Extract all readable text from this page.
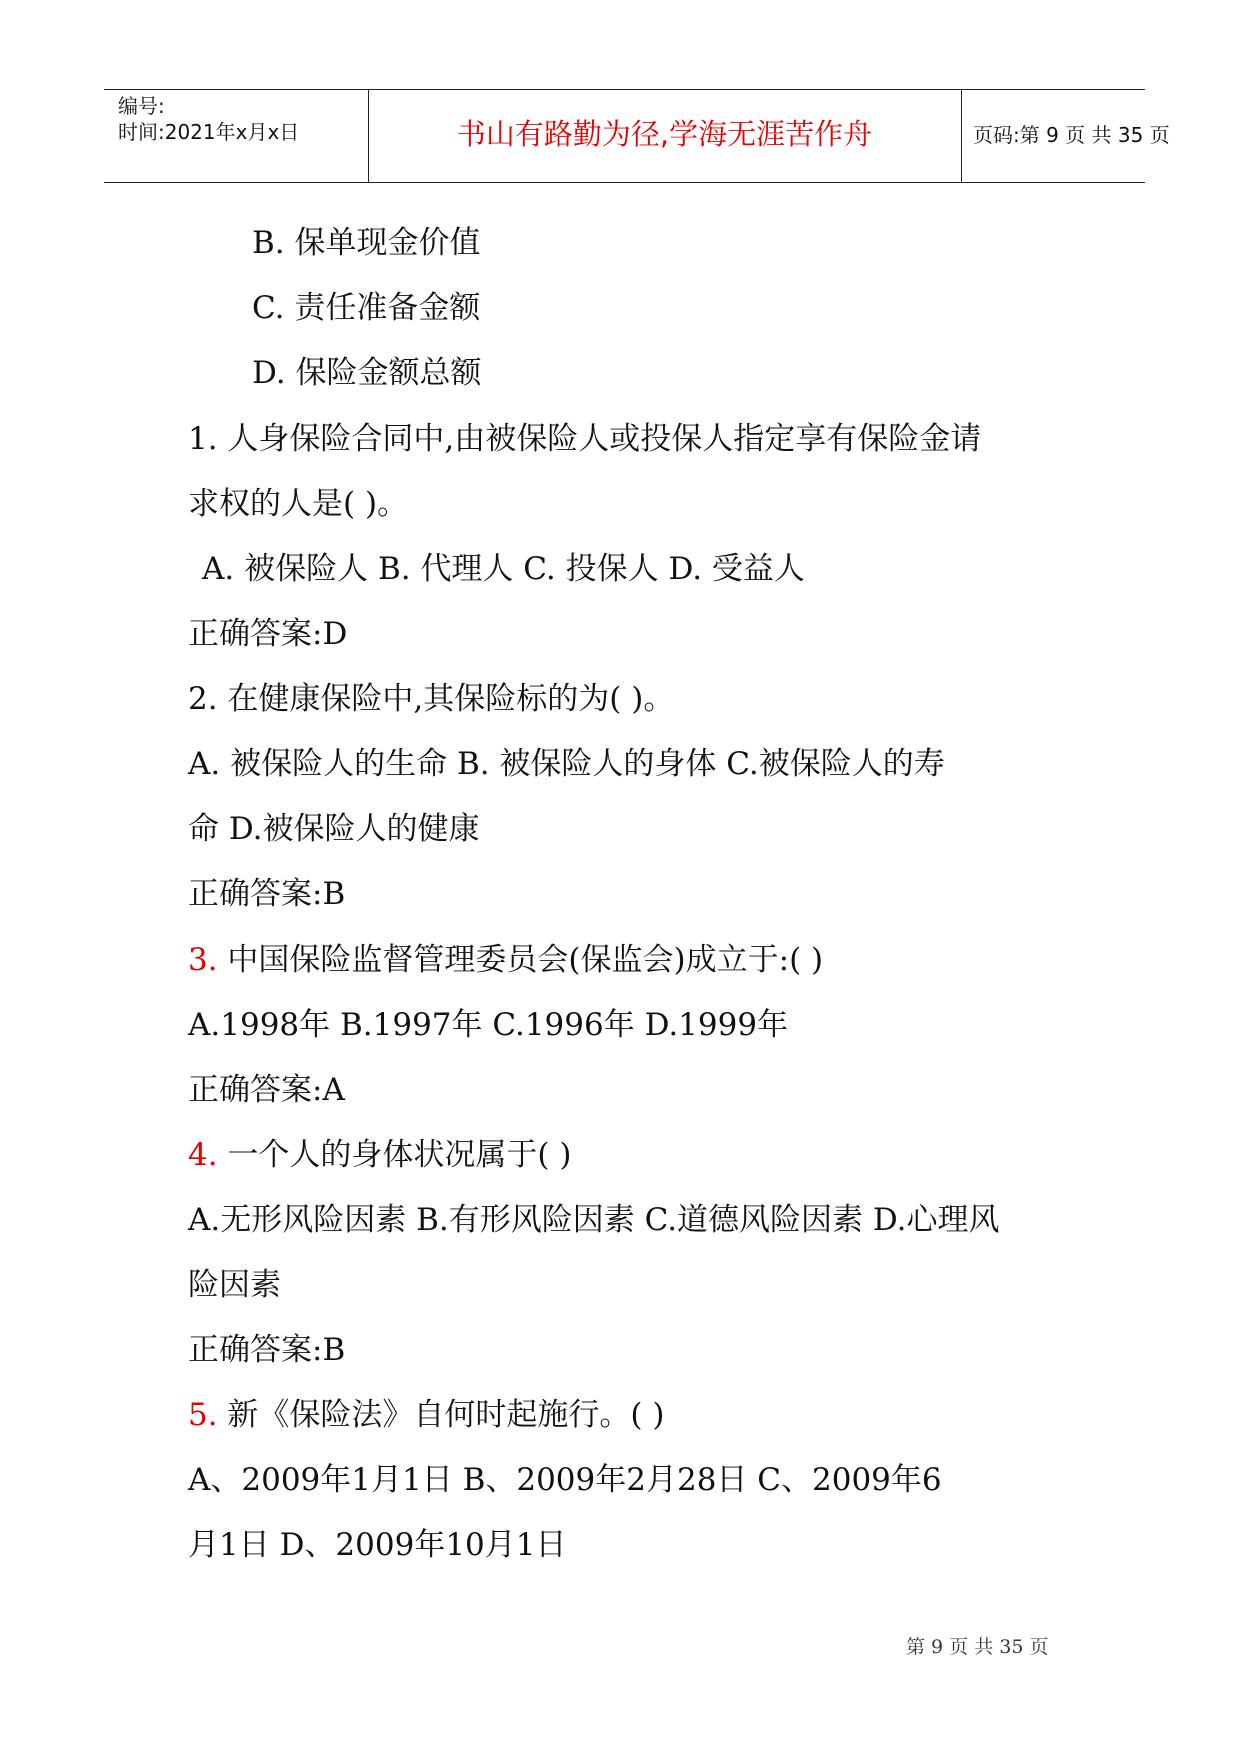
编号:
时间:2021年x月x日	书山有路勤为径,学海无涯苦作舟	页码:第 9 页 共 35 页
B. 保单现金价值
C. 责任准备金额
D. 保险金额总额
1. 人身保险合同中,由被保险人或投保人指定享有保险金请
求权的人是( )。
A. 被保险人 B. 代理人 C. 投保人 D. 受益人
正确答案:D
2. 在健康保险中,其保险标的为( )。
A. 被保险人的生命 B. 被保险人的身体 C.被保险人的寿
命 D.被保险人的健康
正确答案:B
3. 中国保险监督管理委员会(保监会)成立于:( )
A.1998年 B.1997年 C.1996年 D.1999年
正确答案:A
4. 一个人的身体状况属于( )
A.无形风险因素 B.有形风险因素 C.道德风险因素 D.心理风
险因素
正确答案:B
5. 新《保险法》自何时起施行。( )
A、2009年1月1日 B、2009年2月28日 C、2009年6
月1日 D、2009年10月1日
第 9 页 共 35 页
